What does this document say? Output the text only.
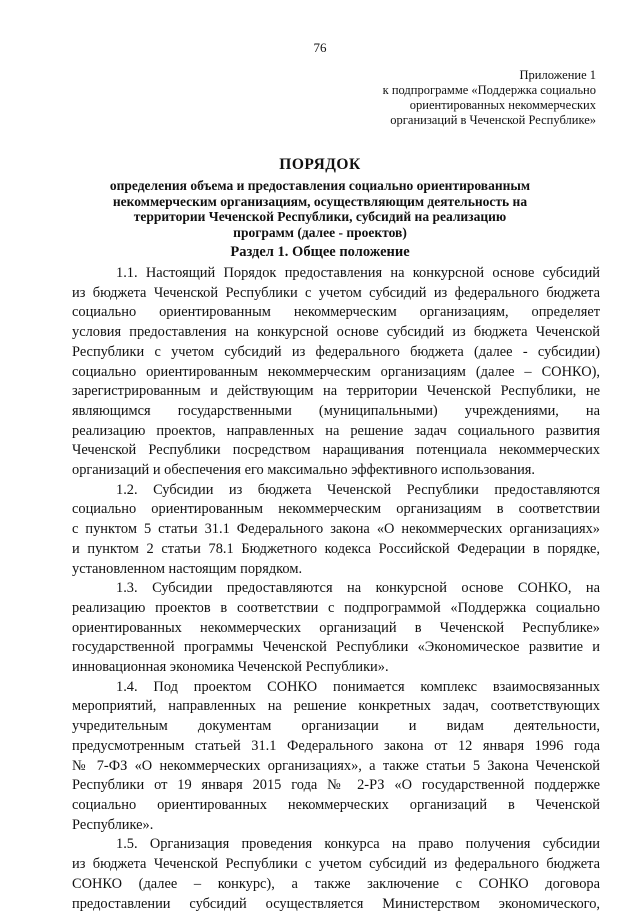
76
Приложение 1
к подпрограмме «Поддержка социально
ориентированных некоммерческих
организаций в Чеченской Республике»
ПОРЯДОК
определения объема и предоставления социально ориентированным
некоммерческим организациям, осуществляющим деятельность на
территории Чеченской Республики, субсидий на реализацию
программ (далее - проектов)
Раздел 1. Общее положение
1.1. Настоящий Порядок предоставления на конкурсной основе субсидий
из бюджета Чеченской Республики с учетом субсидий из федерального бюджета
социально ориентированным некоммерческим организациям, определяет
условия предоставления на конкурсной основе субсидий из бюджета Чеченской
Республики с учетом субсидий из федерального бюджета (далее - субсидии)
социально ориентированным некоммерческим организациям (далее – СОНКО),
зарегистрированным и действующим на территории Чеченской Республики, не
являющимся государственными (муниципальными) учреждениями, на
реализацию проектов, направленных на решение задач социального развития
Чеченской Республики посредством наращивания потенциала некоммерческих
организаций и обеспечения его максимально эффективного использования.
1.2. Субсидии из бюджета Чеченской Республики предоставляются
социально ориентированным некоммерческим организациям в соответствии
с пунктом 5 статьи 31.1 Федерального закона «О некоммерческих организациях»
и пунктом 2 статьи 78.1 Бюджетного кодекса Российской Федерации в порядке,
установленном настоящим порядком.
1.3. Субсидии предоставляются на конкурсной основе СОНКО, на
реализацию проектов в соответствии с подпрограммой «Поддержка социально
ориентированных некоммерческих организаций в Чеченской Республике»
государственной программы Чеченской Республики «Экономическое развитие и
инновационная экономика Чеченской Республики».
1.4. Под проектом СОНКО понимается комплекс взаимосвязанных
мероприятий, направленных на решение конкретных задач, соответствующих
учредительным документам организации и видам деятельности,
предусмотренным статьей 31.1 Федерального закона от 12 января 1996 года
№ 7-ФЗ «О некоммерческих организациях», а также статьи 5 Закона Чеченской
Республики от 19 января 2015 года № 2-РЗ «О государственной поддержке
социально ориентированных некоммерческих организаций в Чеченской
Республике».
1.5. Организация проведения конкурса на право получения субсидии
из бюджета Чеченской Республики с учетом субсидий из федерального бюджета
СОНКО (далее – конкурс), а также заключение с СОНКО договора
предоставлении субсидий осуществляется Министерством экономического,
